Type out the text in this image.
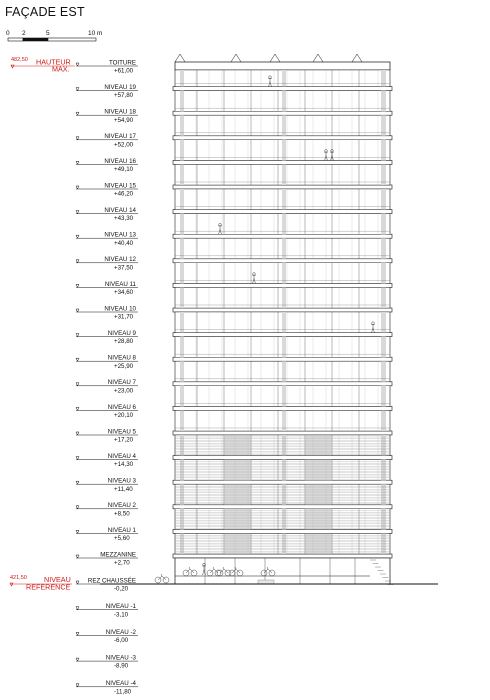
FAÇADE EST
0 2	5	10 m
482,50 HAUTEUR
MAX.
421,50 NIVEAU
REFERENCE
TOITURE
+61,00
NIVEAU 19
+57,80
NIVEAU 18
+54,90
NIVEAU 17
+52,00
NIVEAU 16
+49,10
NIVEAU 15
+46,20
NIVEAU 14
+43,30
NIVEAU 13
+40,40
NIVEAU 12
+37,50
NIVEAU 11
+34,60
NIVEAU 10
+31,70
NIVEAU 9
+28,80
NIVEAU 8
+25,90
NIVEAU 7
+23,00
NIVEAU 6
+20,10
NIVEAU 5
+17,20
NIVEAU 4
+14,30
NIVEAU 3
+11,40
NIVEAU 2
+8,50
NIVEAU 1
+5,60
MEZZANINE
+2,70
REZ CHAUSSÉE
-0,20
NIVEAU -1
-3,10
NIVEAU -2
-6,00
NIVEAU -3
-8,90
NIVEAU -4
-11,80
